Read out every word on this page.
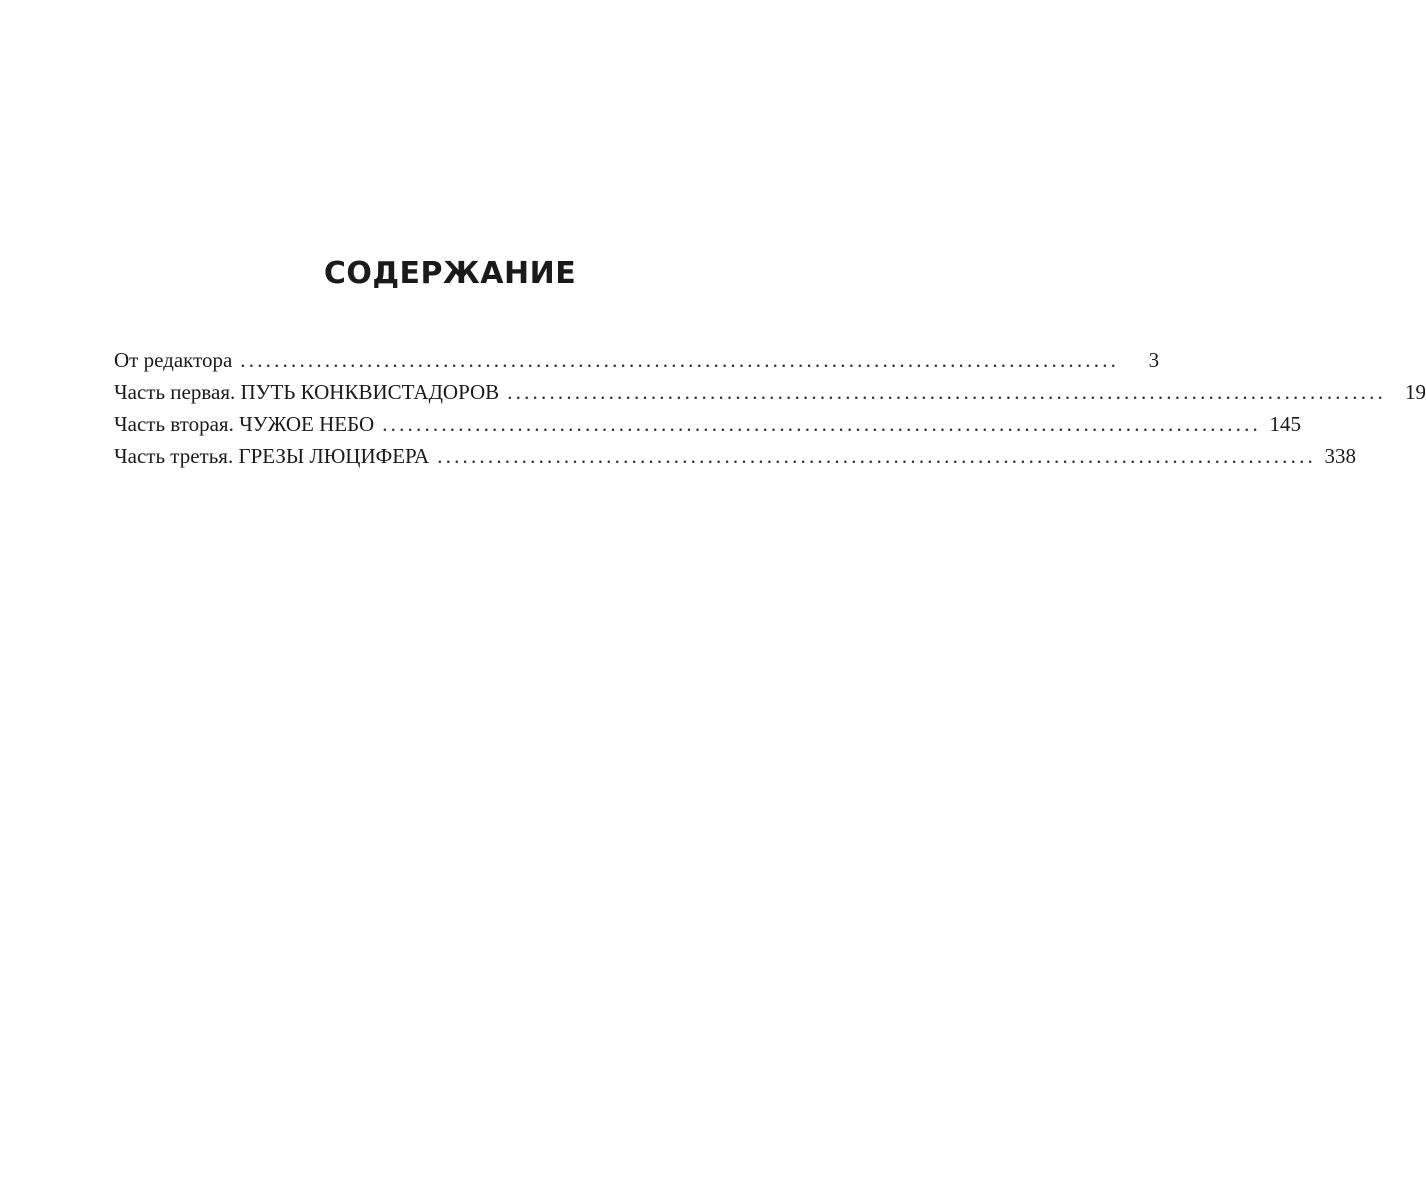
СОДЕРЖАНИЕ
От редактора ........................................................................................................	3
Часть первая. ПУТЬ КОНКВИСТАДОРОВ ........................................................................................................ 19
Часть вторая. ЧУЖОЕ НЕБО ........................................................................................................ 145
Часть третья. ГРЕЗЫ ЛЮЦИФЕРА ........................................................................................................ 338
